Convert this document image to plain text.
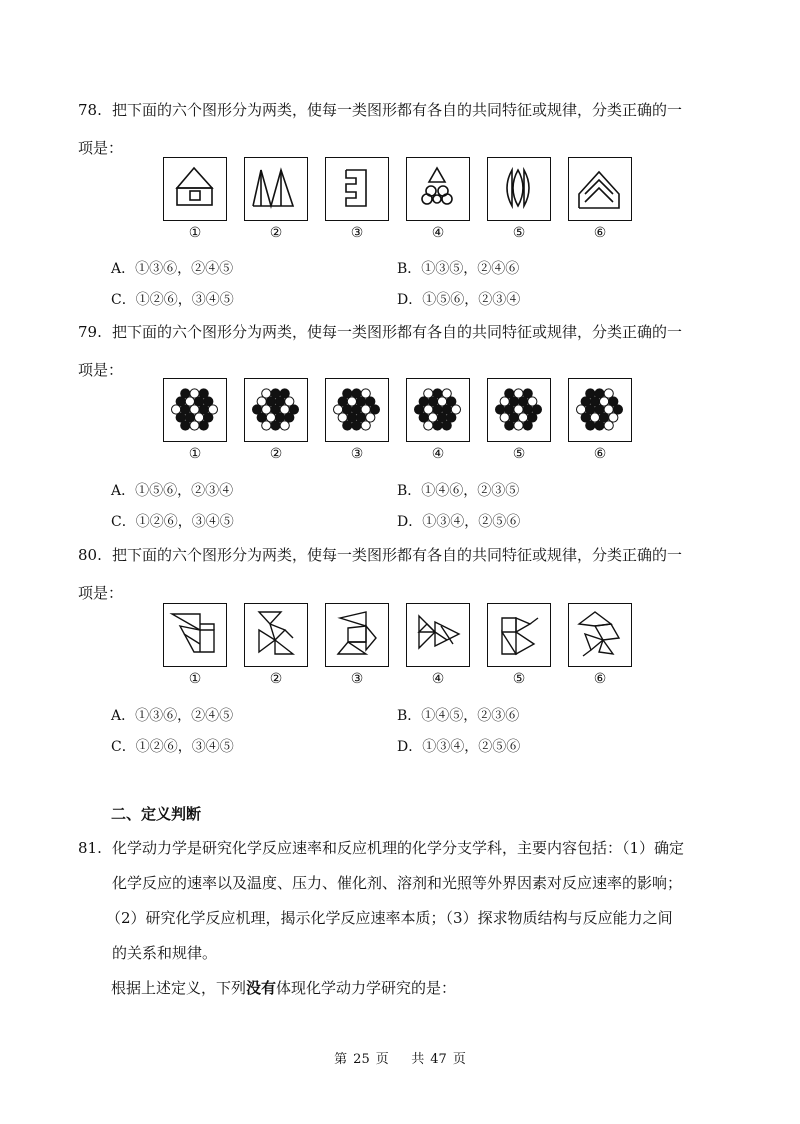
78. 把下面的六个图形分为两类，使每一类图形都有各自的共同特征或规律，分类正确的一
项是：
①	②	③	④	⑤	⑥
A．①③⑥，②④⑤	B．①③⑤，②④⑥
C．①②⑥，③④⑤	D．①⑤⑥，②③④
79. 把下面的六个图形分为两类，使每一类图形都有各自的共同特征或规律，分类正确的一
项是：
①	②	③	④	⑤	⑥
A．①⑤⑥，②③④	B．①④⑥，②③⑤
C．①②⑥，③④⑤	D．①③④，②⑤⑥
80. 把下面的六个图形分为两类，使每一类图形都有各自的共同特征或规律，分类正确的一
项是：
①	②	③	④	⑤	⑥
A．①③⑥，②④⑤	B．①④⑤，②③⑥
C．①②⑥，③④⑤	D．①③④，②⑤⑥
二、定义判断
81. 化学动力学是研究化学反应速率和反应机理的化学分支学科，主要内容包括：（1）确定
化学反应的速率以及温度、压力、催化剂、溶剂和光照等外界因素对反应速率的影响；
（2）研究化学反应机理，揭示化学反应速率本质；（3）探求物质结构与反应能力之间
的关系和规律。
根据上述定义，下列没有体现化学动力学研究的是：
第 25 页 共 47 页
